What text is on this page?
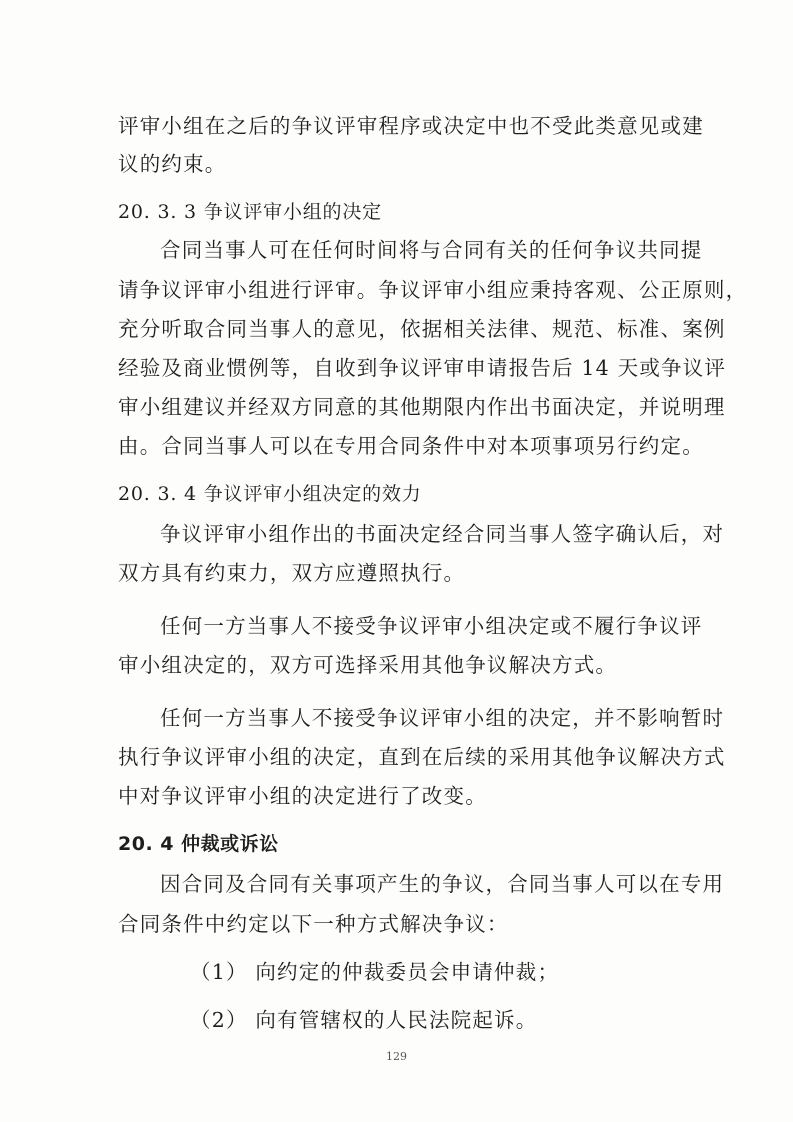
评审小组在之后的争议评审程序或决定中也不受此类意见或建
议的约束。
20. 3. 3 争议评审小组的决定
合同当事人可在任何时间将与合同有关的任何争议共同提
请争议评审小组进行评审。争议评审小组应秉持客观、公正原则，
充分听取合同当事人的意见，依据相关法律、规范、标准、案例
经验及商业惯例等，自收到争议评审申请报告后 14 天或争议评
审小组建议并经双方同意的其他期限内作出书面决定，并说明理
由。合同当事人可以在专用合同条件中对本项事项另行约定。
20. 3. 4 争议评审小组决定的效力
争议评审小组作出的书面决定经合同当事人签字确认后，对
双方具有约束力，双方应遵照执行。
任何一方当事人不接受争议评审小组决定或不履行争议评
审小组决定的，双方可选择采用其他争议解决方式。
任何一方当事人不接受争议评审小组的决定，并不影响暂时
执行争议评审小组的决定，直到在后续的采用其他争议解决方式
中对争议评审小组的决定进行了改变。
20. 4 仲裁或诉讼
因合同及合同有关事项产生的争议，合同当事人可以在专用
合同条件中约定以下一种方式解决争议：
（1） 向约定的仲裁委员会申请仲裁；
（2） 向有管辖权的人民法院起诉。
129
